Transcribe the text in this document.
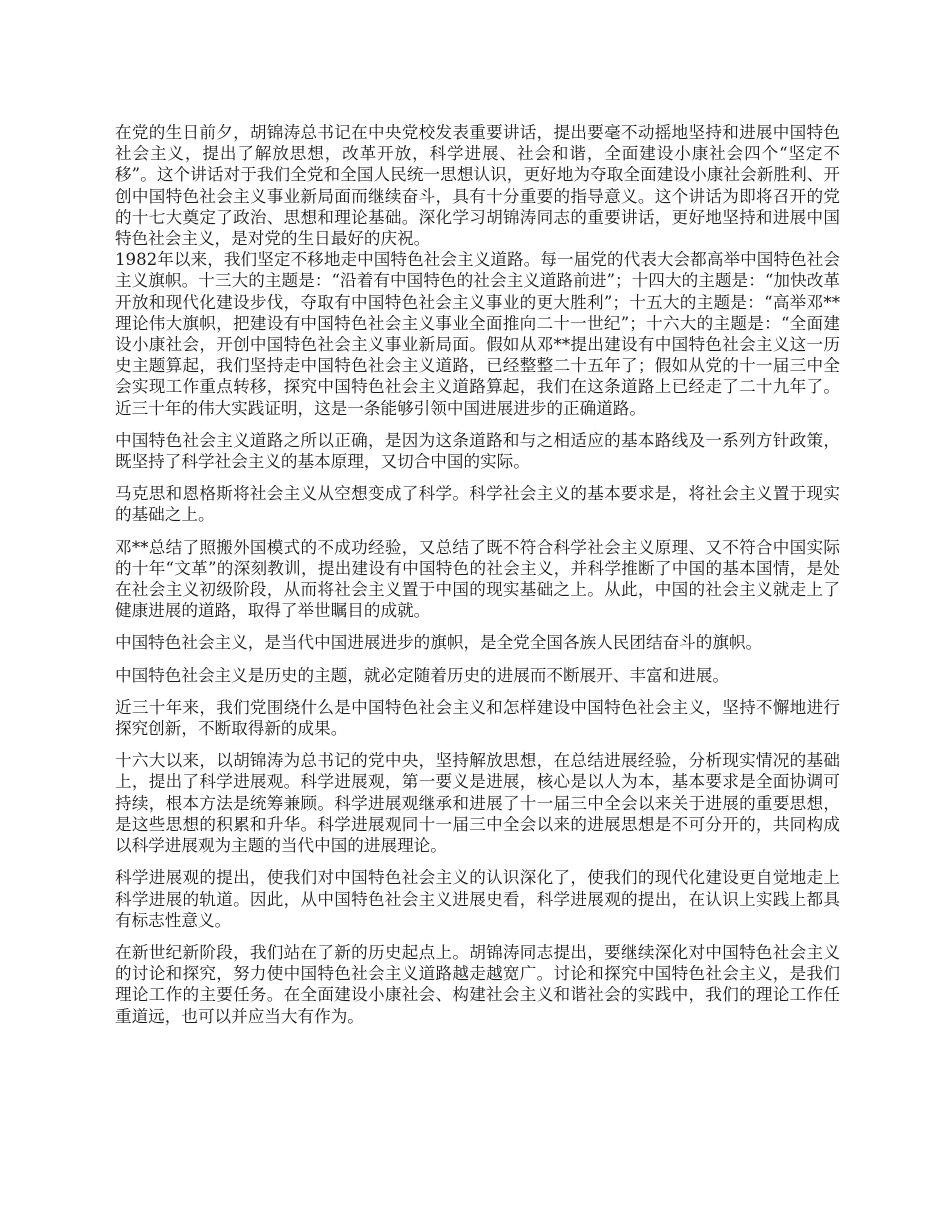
在党的生日前夕，胡锦涛总书记在中央党校发表重要讲话，提出要毫不动摇地坚持和进展中国特色社会主义，提出了解放思想，改革开放，科学进展、社会和谐，全面建设小康社会四个“坚定不移”。这个讲话对于我们全党和全国人民统一思想认识，更好地为夺取全面建设小康社会新胜利、开创中国特色社会主义事业新局面而继续奋斗，具有十分重要的指导意义。这个讲话为即将召开的党的十七大奠定了政治、思想和理论基础。深化学习胡锦涛同志的重要讲话，更好地坚持和进展中国特色社会主义，是对党的生日最好的庆祝。

1982年以来，我们坚定不移地走中国特色社会主义道路。每一届党的代表大会都高举中国特色社会主义旗帜。十三大的主题是：“沿着有中国特色的社会主义道路前进”；十四大的主题是：“加快改革开放和现代化建设步伐，夺取有中国特色社会主义事业的更大胜利”；十五大的主题是：“高举邓**理论伟大旗帜，把建设有中国特色社会主义事业全面推向二十一世纪”；十六大的主题是：“全面建设小康社会，开创中国特色社会主义事业新局面。假如从邓**提出建设有中国特色社会主义这一历史主题算起，我们坚持走中国特色社会主义道路，已经整整二十五年了；假如从党的十一届三中全会实现工作重点转移，探究中国特色社会主义道路算起，我们在这条道路上已经走了二十九年了。近三十年的伟大实践证明，这是一条能够引领中国进展进步的正确道路。

中国特色社会主义道路之所以正确，是因为这条道路和与之相适应的基本路线及一系列方针政策，既坚持了科学社会主义的基本原理，又切合中国的实际。

马克思和恩格斯将社会主义从空想变成了科学。科学社会主义的基本要求是，将社会主义置于现实的基础之上。

邓**总结了照搬外国模式的不成功经验，又总结了既不符合科学社会主义原理、又不符合中国实际的十年“文革”的深刻教训，提出建设有中国特色的社会主义，并科学推断了中国的基本国情，是处在社会主义初级阶段，从而将社会主义置于中国的现实基础之上。从此，中国的社会主义就走上了健康进展的道路，取得了举世瞩目的成就。

中国特色社会主义，是当代中国进展进步的旗帜，是全党全国各族人民团结奋斗的旗帜。

中国特色社会主义是历史的主题，就必定随着历史的进展而不断展开、丰富和进展。

近三十年来，我们党围绕什么是中国特色社会主义和怎样建设中国特色社会主义，坚持不懈地进行探究创新，不断取得新的成果。

十六大以来，以胡锦涛为总书记的党中央，坚持解放思想，在总结进展经验，分析现实情况的基础上，提出了科学进展观。科学进展观，第一要义是进展，核心是以人为本，基本要求是全面协调可持续，根本方法是统筹兼顾。科学进展观继承和进展了十一届三中全会以来关于进展的重要思想，是这些思想的积累和升华。科学进展观同十一届三中全会以来的进展思想是不可分开的，共同构成以科学进展观为主题的当代中国的进展理论。

科学进展观的提出，使我们对中国特色社会主义的认识深化了，使我们的现代化建设更自觉地走上科学进展的轨道。因此，从中国特色社会主义进展史看，科学进展观的提出，在认识上实践上都具有标志性意义。

在新世纪新阶段，我们站在了新的历史起点上。胡锦涛同志提出，要继续深化对中国特色社会主义的讨论和探究，努力使中国特色社会主义道路越走越宽广。讨论和探究中国特色社会主义，是我们理论工作的主要任务。在全面建设小康社会、构建社会主义和谐社会的实践中，我们的理论工作任重道远，也可以并应当大有作为。
